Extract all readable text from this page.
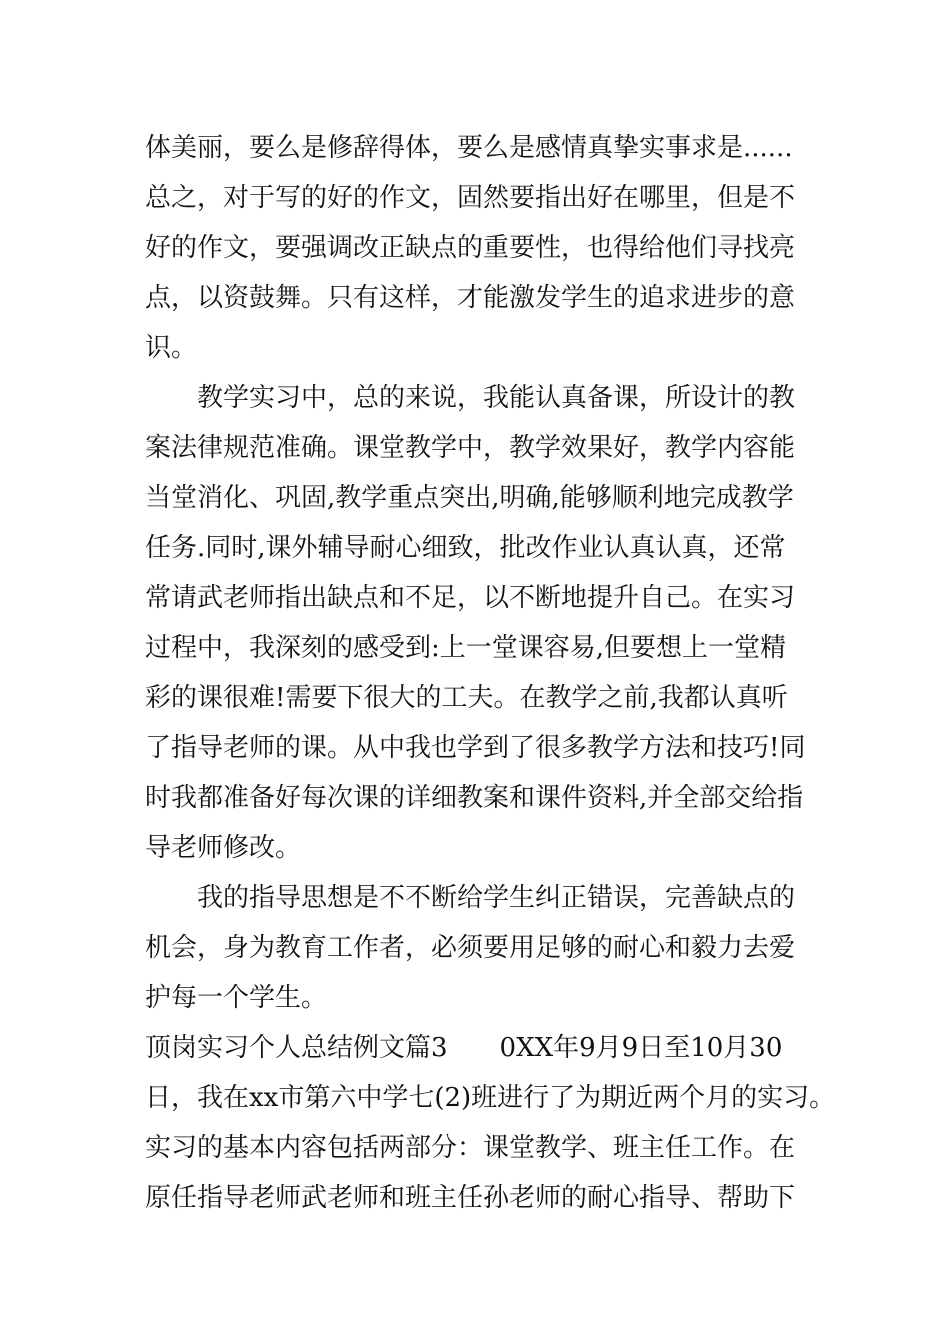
体美丽，要么是修辞得体，要么是感情真挚实事求是......
总之，对于写的好的作文，固然要指出好在哪里，但是不
好的作文，要强调改正缺点的重要性，也得给他们寻找亮
点，以资鼓舞。只有这样，才能激发学生的追求进步的意
识。
　　教学实习中，总的来说，我能认真备课，所设计的教
案法律规范准确。课堂教学中，教学效果好，教学内容能
当堂消化、巩固,教学重点突出,明确,能够顺利地完成教学
任务.同时,课外辅导耐心细致，批改作业认真认真，还常
常请武老师指出缺点和不足，以不断地提升自己。在实习
过程中，我深刻的感受到:上一堂课容易,但要想上一堂精
彩的课很难!需要下很大的工夫。在教学之前,我都认真听
了指导老师的课。从中我也学到了很多教学方法和技巧!同
时我都准备好每次课的详细教案和课件资料,并全部交给指
导老师修改。
　　我的指导思想是不不断给学生纠正错误，完善缺点的
机会，身为教育工作者，必须要用足够的耐心和毅力去爱
护每一个学生。
顶岗实习个人总结例文篇3　　0XX年9月9日至10月30
日，我在xx市第六中学七(2)班进行了为期近两个月的实习。
实习的基本内容包括两部分：课堂教学、班主任工作。在
原任指导老师武老师和班主任孙老师的耐心指导、帮助下
